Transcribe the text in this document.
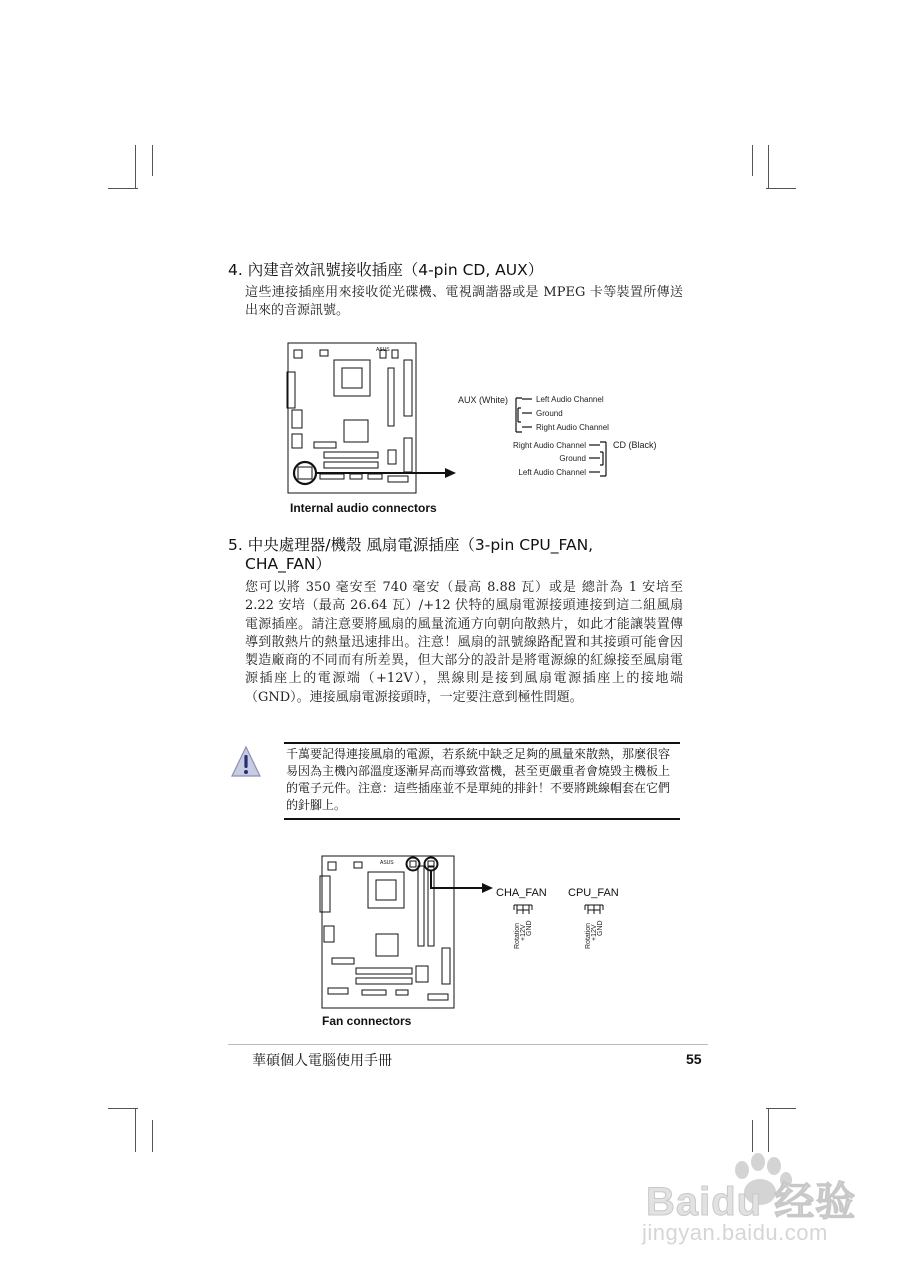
4. 內建音效訊號接收插座（4-pin CD, AUX）

這些連接插座用來接收從光碟機、電視調諧器或是 MPEG 卡等裝置所傳送出來的音源訊號。

ASUS
AUX (White)	Left Audio Channel
Ground
Right Audio Channel
Right Audio Channel
Ground
Left Audio Channel
CD (Black)
Internal audio connectors
5. 中央處理器/機殼 風扇電源插座（3-pin CPU_FAN,
CHA_FAN）

您可以將 350 毫安至 740 毫安（最高 8.88 瓦）或是 總計為 1 安培至 2.22 安培（最高 26.64 瓦）/+12 伏特的風扇電源接頭連接到這二組風扇電源插座。請注意要將風扇的風量流通方向朝向散熱片，如此才能讓裝置傳導到散熱片的熱量迅速排出。注意！風扇的訊號線路配置和其接頭可能會因製造廠商的不同而有所差異，但大部分的設計是將電源線的紅線接至風扇電源插座上的電源端（+12V），黑線則是接到風扇電源插座上的接地端（GND）。連接風扇電源接頭時，一定要注意到極性問題。

千萬要記得連接風扇的電源，若系統中缺乏足夠的風量來散熱，那麼很容易因為主機內部溫度逐漸昇高而導致當機，甚至更嚴重者會燒毀主機板上的電子元件。注意：這些插座並不是單純的排針！不要將跳線帽套在它們的針腳上。
ASUS
CHA_FAN CPU_FAN
Rotation +12V GND	Rotation +12V GND
Fan connectors
華碩個人電腦使用手冊	55
Baidu 经验
jingyan.baidu.com
